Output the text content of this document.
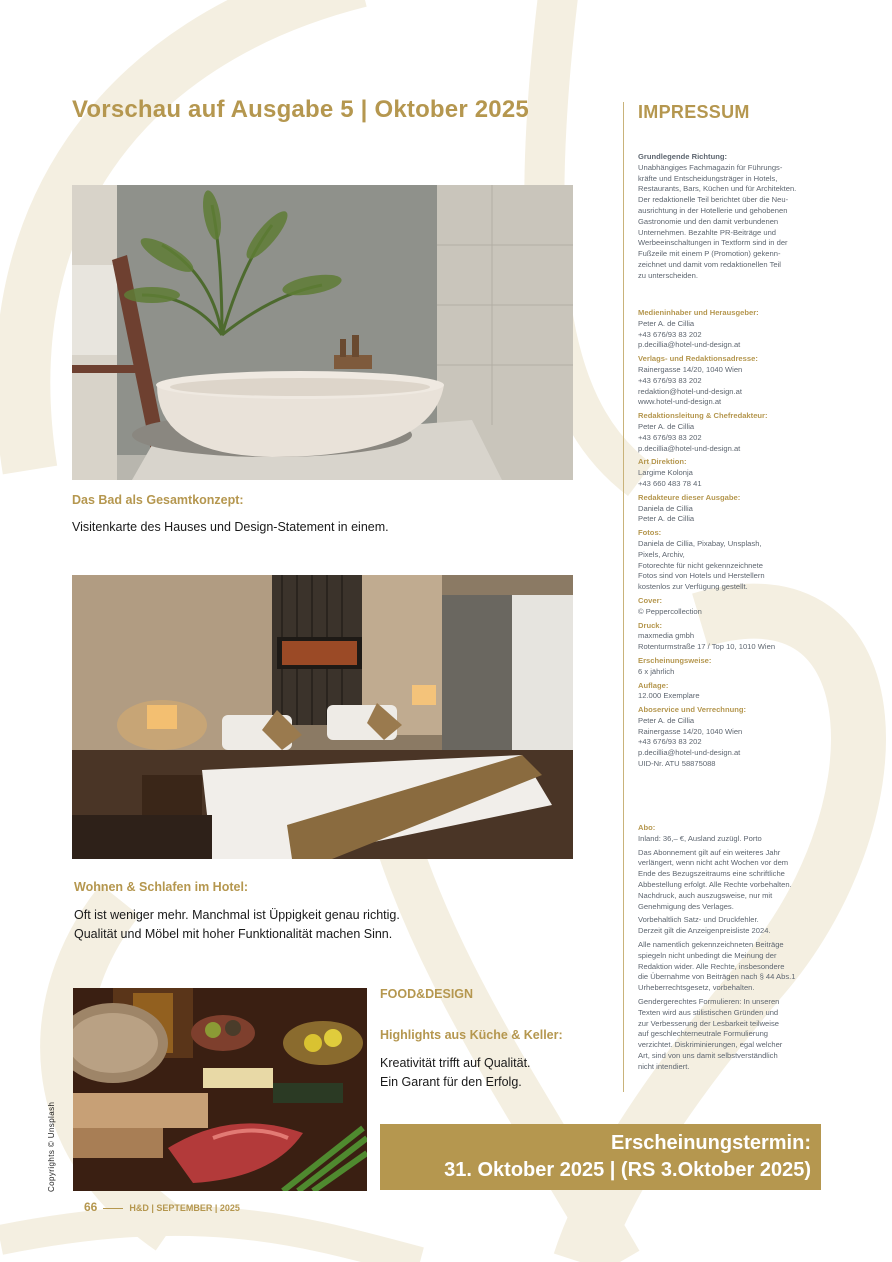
Vorschau auf Ausgabe 5 | Oktober 2025
Das Bad als Gesamtkonzept:
Visitenkarte des Hauses und Design-Statement in einem.
Wohnen & Schlafen im Hotel:
Oft ist weniger mehr. Manchmal ist Üppigkeit genau richtig.
Qualität und Möbel mit hoher Funktionalität machen Sinn.
Copyrights © Unsplash
FOOD&DESIGN
Highlights aus Küche & Keller:
Kreativität trifft auf Qualität.
Ein Garant für den Erfolg.
Erscheinungstermin:
31. Oktober 2025 | (RS 3.Oktober 2025)
66	H&D | SEPTEMBER | 2025
IMPRESSUM
Grundlegende Richtung:
Unabhängiges Fachmagazin für Führungs-
kräfte und Entscheidungsträger in Hotels,
Restaurants, Bars, Küchen und für Architekten.
Der redaktionelle Teil berichtet über die Neu-
ausrichtung in der Hotellerie und gehobenen
Gastronomie und den damit verbundenen
Unternehmen. Bezahlte PR-Beiträge und
Werbeeinschaltungen in Textform sind in der
Fußzeile mit einem P (Promotion) gekenn-
zeichnet und damit vom redaktionellen Teil
zu unterscheiden.
Medieninhaber und Herausgeber:
Peter A. de Cillia
+43 676/93 83 202
p.decillia@hotel-und-design.at
Verlags- und Redaktionsadresse:
Rainergasse 14/20, 1040 Wien
+43 676/93 83 202
redaktion@hotel-und-design.at
www.hotel-und-design.at
Redaktionsleitung & Chefredakteur:
Peter A. de Cillia
+43 676/93 83 202
p.decillia@hotel-und-design.at
Art Direktion:
Largime Kolonja
+43 660 483 78 41
Redakteure dieser Ausgabe:
Daniela de Cillia
Peter A. de Cillia
Fotos:
Daniela de Cillia, Pixabay, Unsplash,
Pixels, Archiv,
Fotorechte für nicht gekennzeichnete
Fotos sind von Hotels und Herstellern
kostenlos zur Verfügung gestellt.
Cover:
© Peppercollection
Druck:
maxmedia gmbh
Rotenturmstraße 17 / Top 10, 1010 Wien
Erscheinungsweise:
6 x jährlich
Auflage:
12.000 Exemplare
Aboservice und Verrechnung:
Peter A. de Cillia
Rainergasse 14/20, 1040 Wien
+43 676/93 83 202
p.decillia@hotel-und-design.at
UID-Nr. ATU 58875088
Abo:
Inland: 36,– €, Ausland zuzügl. Porto
Das Abonnement gilt auf ein weiteres Jahr
verlängert, wenn nicht acht Wochen vor dem
Ende des Bezugszeitraums eine schriftliche
Abbestellung erfolgt. Alle Rechte vorbehalten.
Nachdruck, auch auszugsweise, nur mit
Genehmigung des Verlages.
Vorbehaltlich Satz- und Druckfehler.
Derzeit gilt die Anzeigenpreisliste 2024.
Alle namentlich gekennzeichneten Beiträge
spiegeln nicht unbedingt die Meinung der
Redaktion wider. Alle Rechte, insbesondere
die Übernahme von Beiträgen nach § 44 Abs.1
Urheberrechtsgesetz, vorbehalten.
Gendergerechtes Formulieren: In unseren
Texten wird aus stilistischen Gründen und
zur Verbesserung der Lesbarkeit teilweise
auf geschlechterneutrale Formulierung
verzichtet. Diskriminierungen, egal welcher
Art, sind von uns damit selbstverständlich
nicht intendiert.
